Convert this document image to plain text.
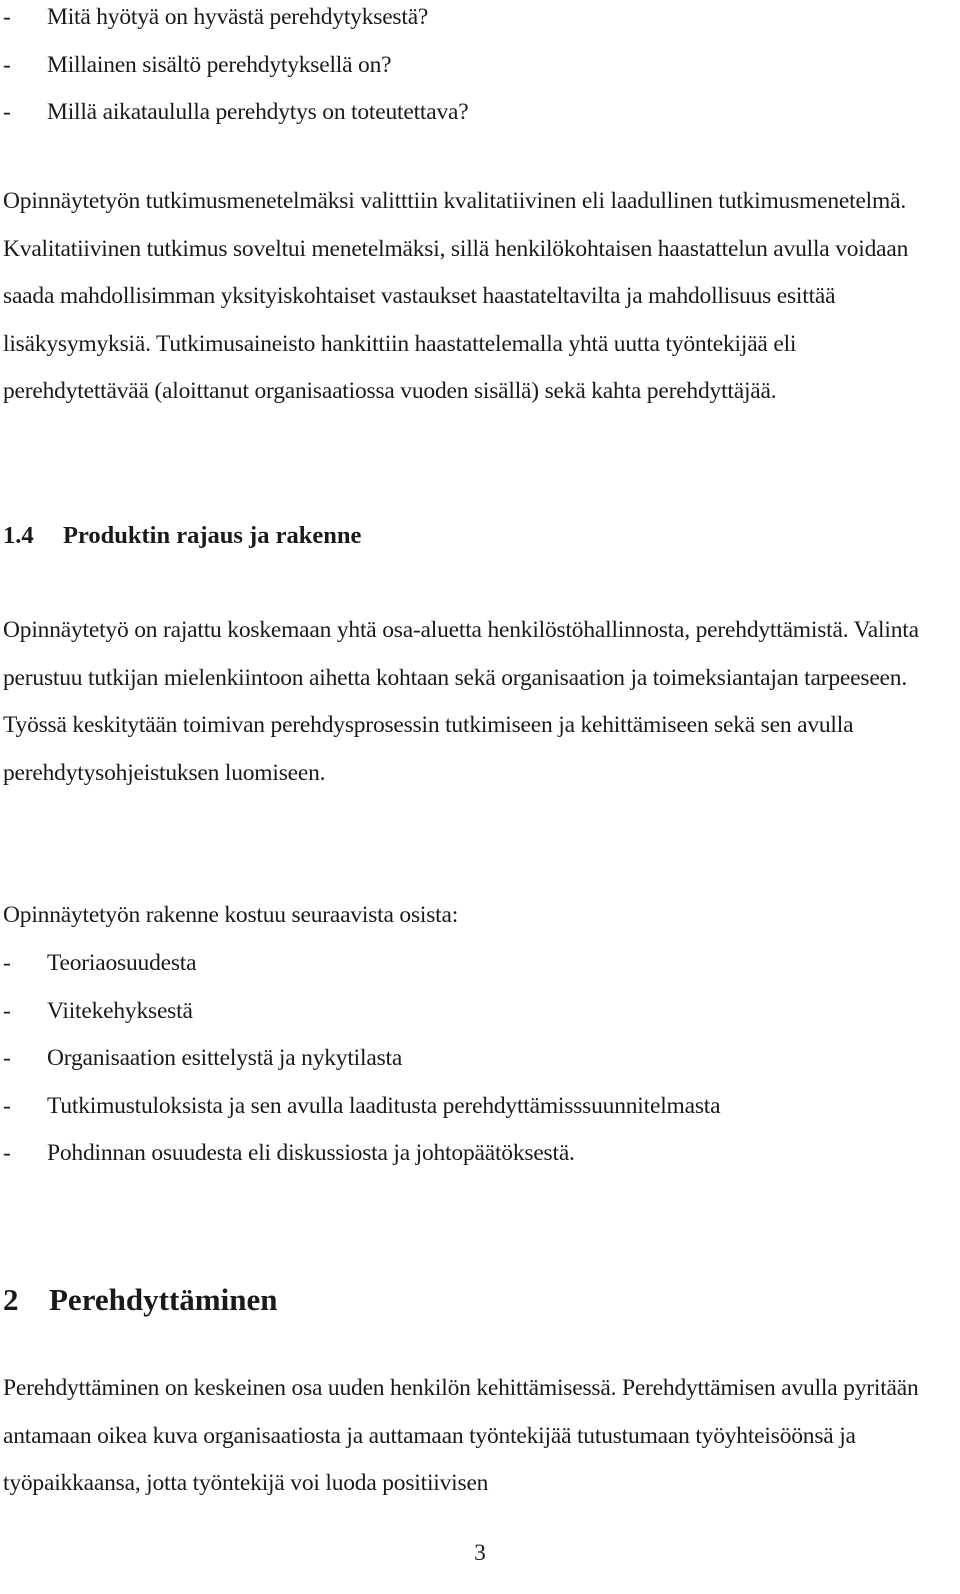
-	Mitä hyötyä on hyvästä perehdytyksestä?
-	Millainen sisältö perehdytyksellä on?
-	Millä aikataululla perehdytys on toteutettava?

Opinnäytetyön tutkimusmenetelmäksi valitttiin kvalitatiivinen eli laadullinen tutkimusmenetelmä. Kvalitatiivinen tutkimus soveltui menetelmäksi, sillä henkilökohtaisen haastattelun avulla voidaan saada mahdollisimman yksityiskohtaiset vastaukset haastateltavilta ja mahdollisuus esittää lisäkysymyksiä. Tutkimusaineisto hankittiin haastattelemalla yhtä uutta työntekijää eli perehdytettävää (aloittanut organisaatiossa vuoden sisällä) sekä kahta perehdyttäjää.

1.4	Produktin rajaus ja rakenne

Opinnäytetyö on rajattu koskemaan yhtä osa-aluetta henkilöstöhallinnosta, perehdyttämistä. Valinta perustuu tutkijan mielenkiintoon aihetta kohtaan sekä organisaation ja toimeksiantajan tarpeeseen. Työssä keskitytään toimivan perehdysprosessin tutkimiseen ja kehittämiseen sekä sen avulla perehdytysohjeistuksen luomiseen.

Opinnäytetyön rakenne kostuu seuraavista osista:

-	Teoriaosuudesta
-	Viitekehyksestä
-	Organisaation esittelystä ja nykytilasta
-	Tutkimustuloksista ja sen avulla laaditusta perehdyttämisssuunnitelmasta
-	Pohdinnan osuudesta eli diskussiosta ja johtopäätöksestä.
2 Perehdyttäminen

Perehdyttäminen on keskeinen osa uuden henkilön kehittämisessä. Perehdyttämisen avulla pyritään antamaan oikea kuva organisaatiosta ja auttamaan työntekijää tutustumaan työyhteisöönsä ja työpaikkaansa, jotta työntekijä voi luoda positiivisen

3
